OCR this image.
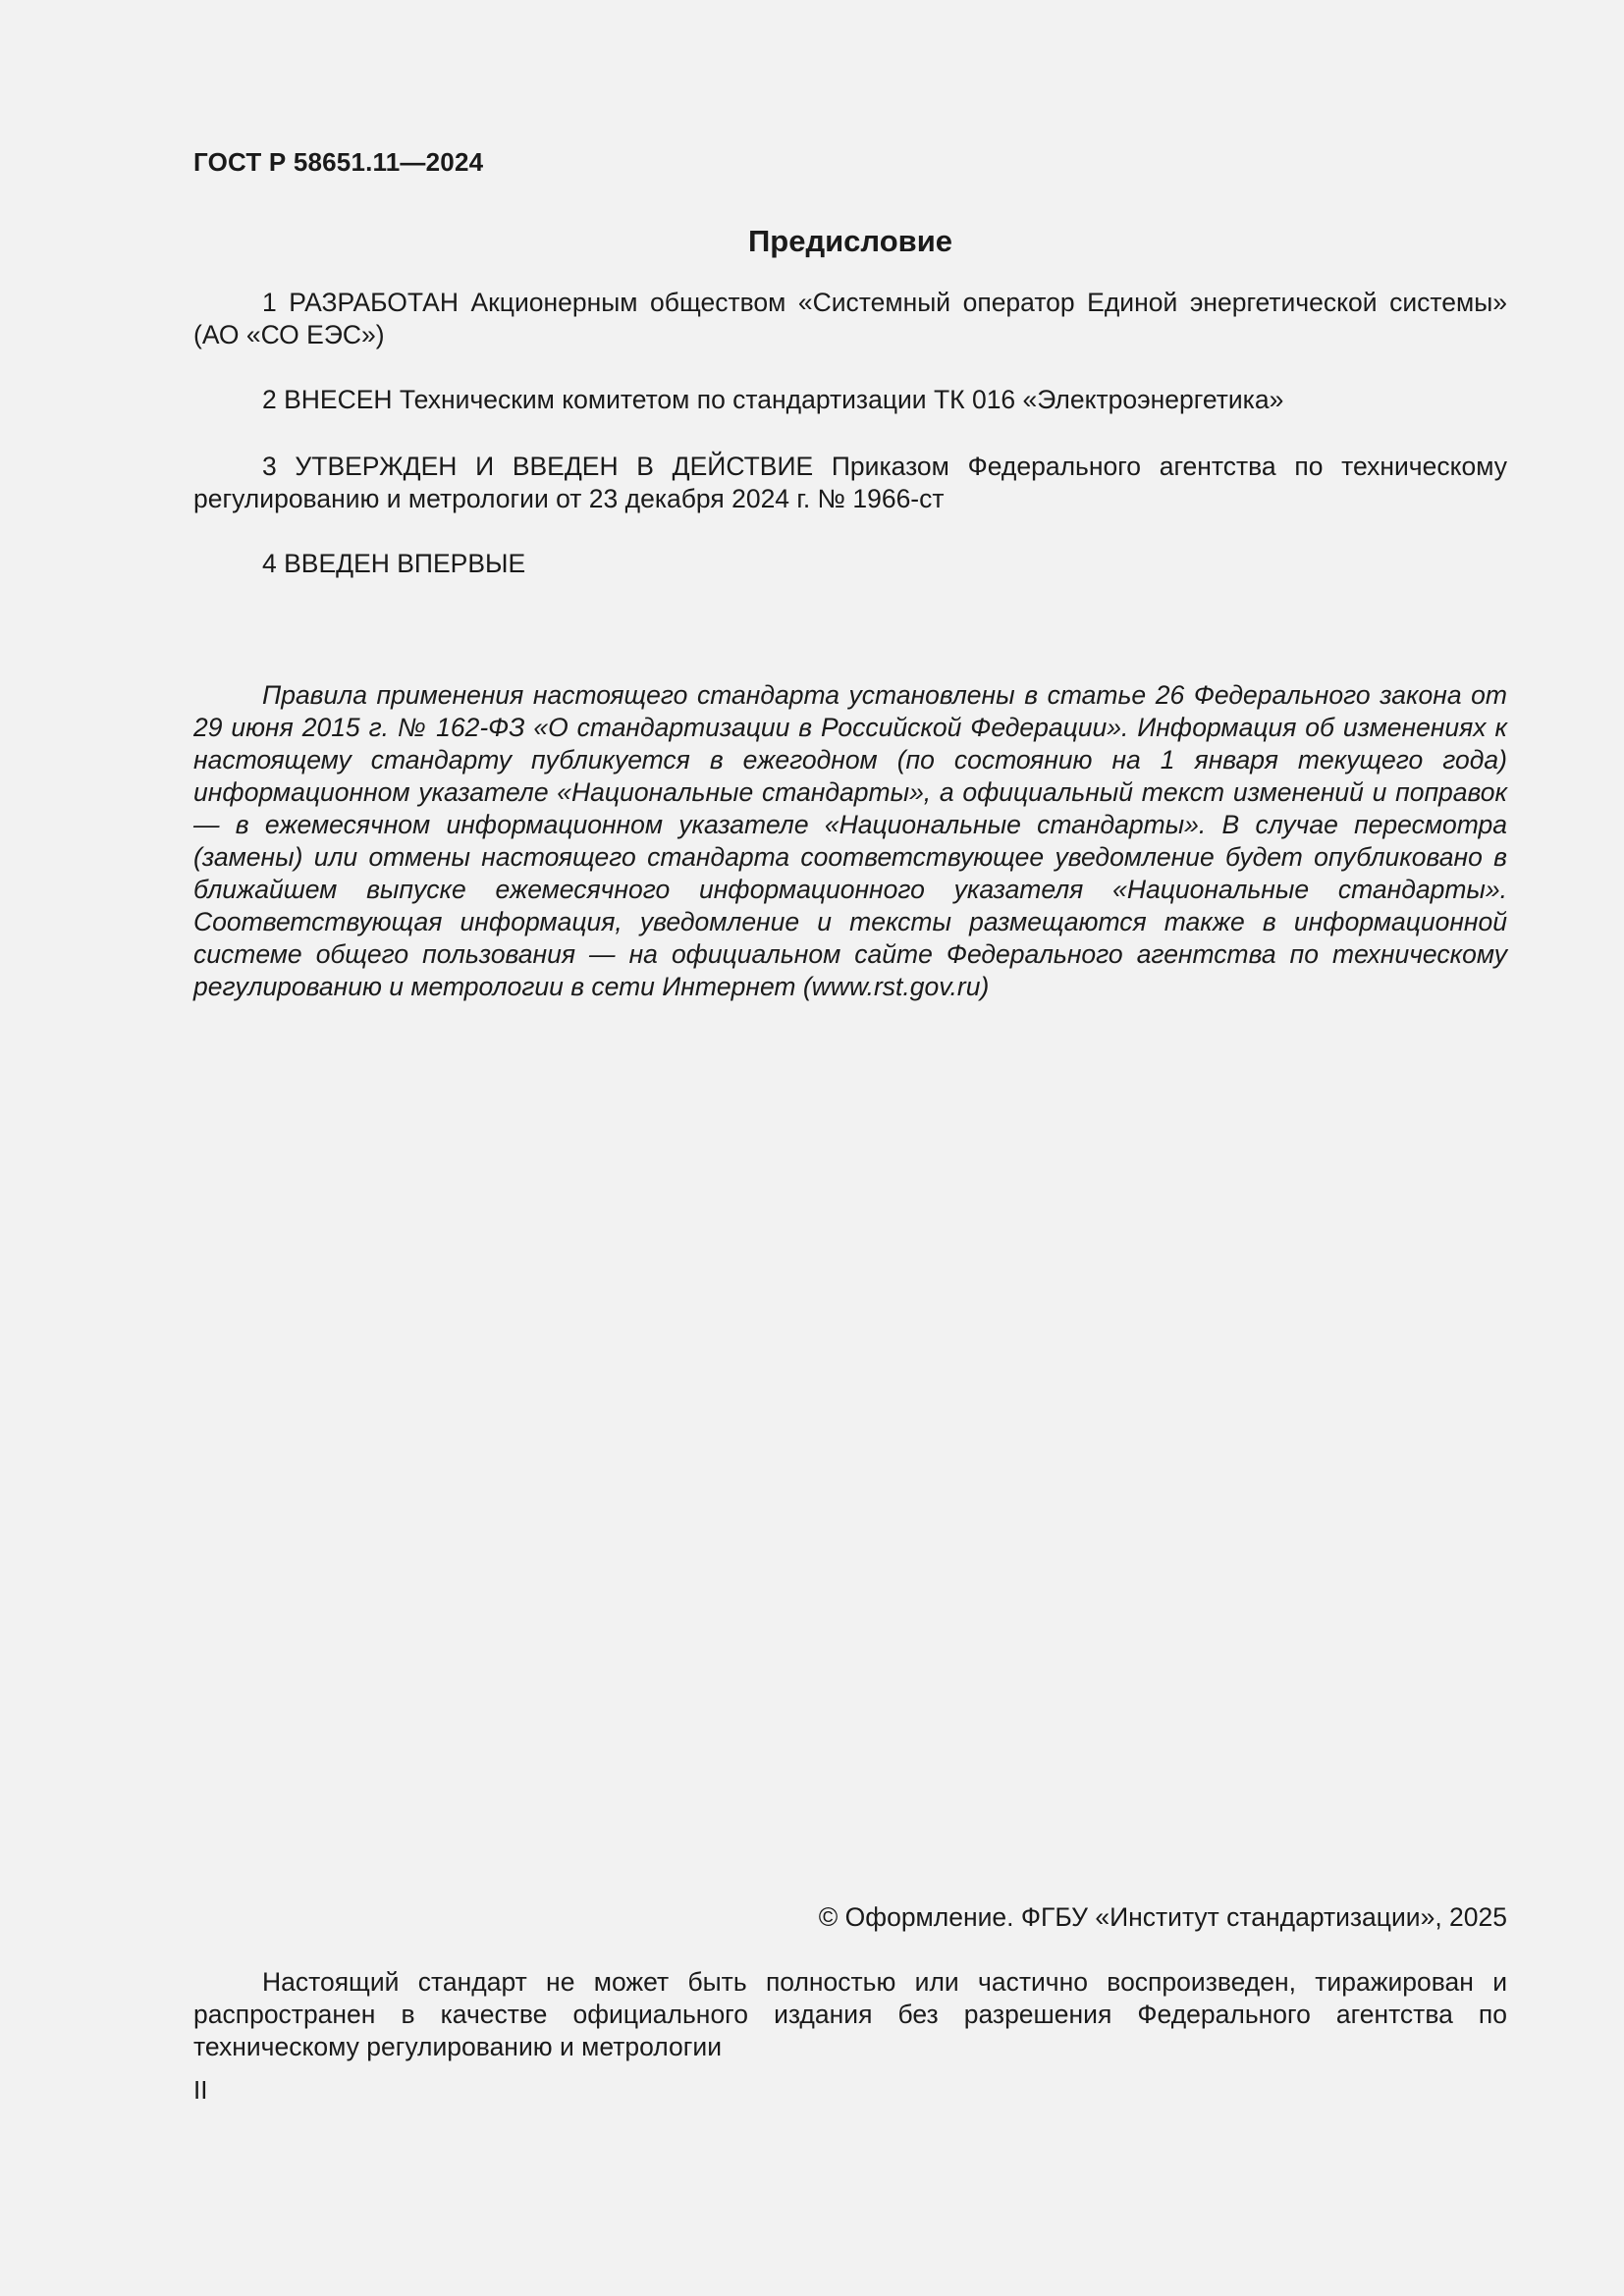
ГОСТ Р 58651.11—2024
Предисловие

1 РАЗРАБОТАН Акционерным обществом «Системный оператор Единой энергетической системы» (АО «СО ЕЭС»)

2 ВНЕСЕН Техническим комитетом по стандартизации ТК 016 «Электроэнергетика»

3 УТВЕРЖДЕН И ВВЕДЕН В ДЕЙСТВИЕ Приказом Федерального агентства по техническому регулированию и метрологии от 23 декабря 2024 г. № 1966-ст

4 ВВЕДЕН ВПЕРВЫЕ

Правила применения настоящего стандарта установлены в статье 26 Федерального закона от 29 июня 2015 г. № 162-ФЗ «О стандартизации в Российской Федерации». Информация об изменениях к настоящему стандарту публикуется в ежегодном (по состоянию на 1 января текущего года) информационном указателе «Национальные стандарты», а официальный текст изменений и поправок — в ежемесячном информационном указателе «Национальные стандарты». В случае пересмотра (замены) или отмены настоящего стандарта соответствующее уведомление будет опубликовано в ближайшем выпуске ежемесячного информационного указателя «Национальные стандарты». Соответствующая информация, уведомление и тексты размещаются также в информационной системе общего пользования — на официальном сайте Федерального агентства по техническому регулированию и метрологии в сети Интернет (www.rst.gov.ru)

© Оформление. ФГБУ «Институт стандартизации», 2025

Настоящий стандарт не может быть полностью или частично воспроизведен, тиражирован и распространен в качестве официального издания без разрешения Федерального агентства по техническому регулированию и метрологии

II
